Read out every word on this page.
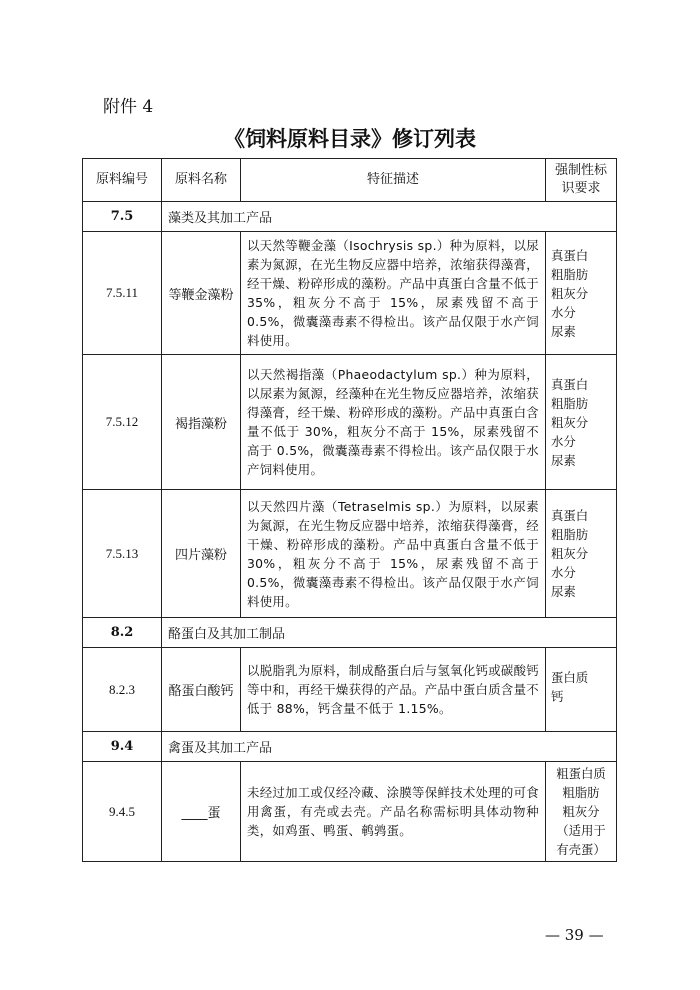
附件 4
《饲料原料目录》修订列表
原料编号	原料名称	特征描述	强制性标识要求
7.5	藻类及其加工产品		
7.5.11	等鞭金藻粉	以天然等鞭金藻（Isochrysis sp.）种为原料，以尿素为氮源，在光生物反应器中培养，浓缩获得藻膏，经干燥、粉碎形成的藻粉。产品中真蛋白含量不低于 35%，粗灰分不高于 15%，尿素残留不高于 0.5%，微囊藻毒素不得检出。该产品仅限于水产饲料使用。	真蛋白
粗脂肪
粗灰分
水分
尿素

7.5.12	褐指藻粉	以天然褐指藻（Phaeodactylum sp.）种为原料，以尿素为氮源，经藻种在光生物反应器培养，浓缩获得藻膏，经干燥、粉碎形成的藻粉。产品中真蛋白含量不低于 30%，粗灰分不高于 15%，尿素残留不高于 0.5%，微囊藻毒素不得检出。该产品仅限于水产饲料使用。	真蛋白
粗脂肪
粗灰分
水分
尿素

7.5.13	四片藻粉	以天然四片藻（Tetraselmis sp.）为原料，以尿素为氮源，在光生物反应器中培养，浓缩获得藻膏，经干燥、粉碎形成的藻粉。产品中真蛋白含量不低于 30%，粗灰分不高于 15%，尿素残留不高于 0.5%，微囊藻毒素不得检出。该产品仅限于水产饲料使用。	真蛋白
粗脂肪
粗灰分
水分
尿素

8.2	酪蛋白及其加工制品		
8.2.3	酪蛋白酸钙	以脱脂乳为原料，制成酪蛋白后与氢氧化钙或碳酸钙等中和，再经干燥获得的产品。产品中蛋白质含量不低于 88%，钙含量不低于 1.15%。	蛋白质
钙

9.4	禽蛋及其加工产品		
9.4.5	____蛋	未经过加工或仅经冷藏、涂膜等保鲜技术处理的可食用禽蛋，有壳或去壳。产品名称需标明具体动物种类，如鸡蛋、鸭蛋、鹌鹑蛋。	粗蛋白质
粗脂肪
粗灰分
（适用于
有壳蛋）
— 39 —
